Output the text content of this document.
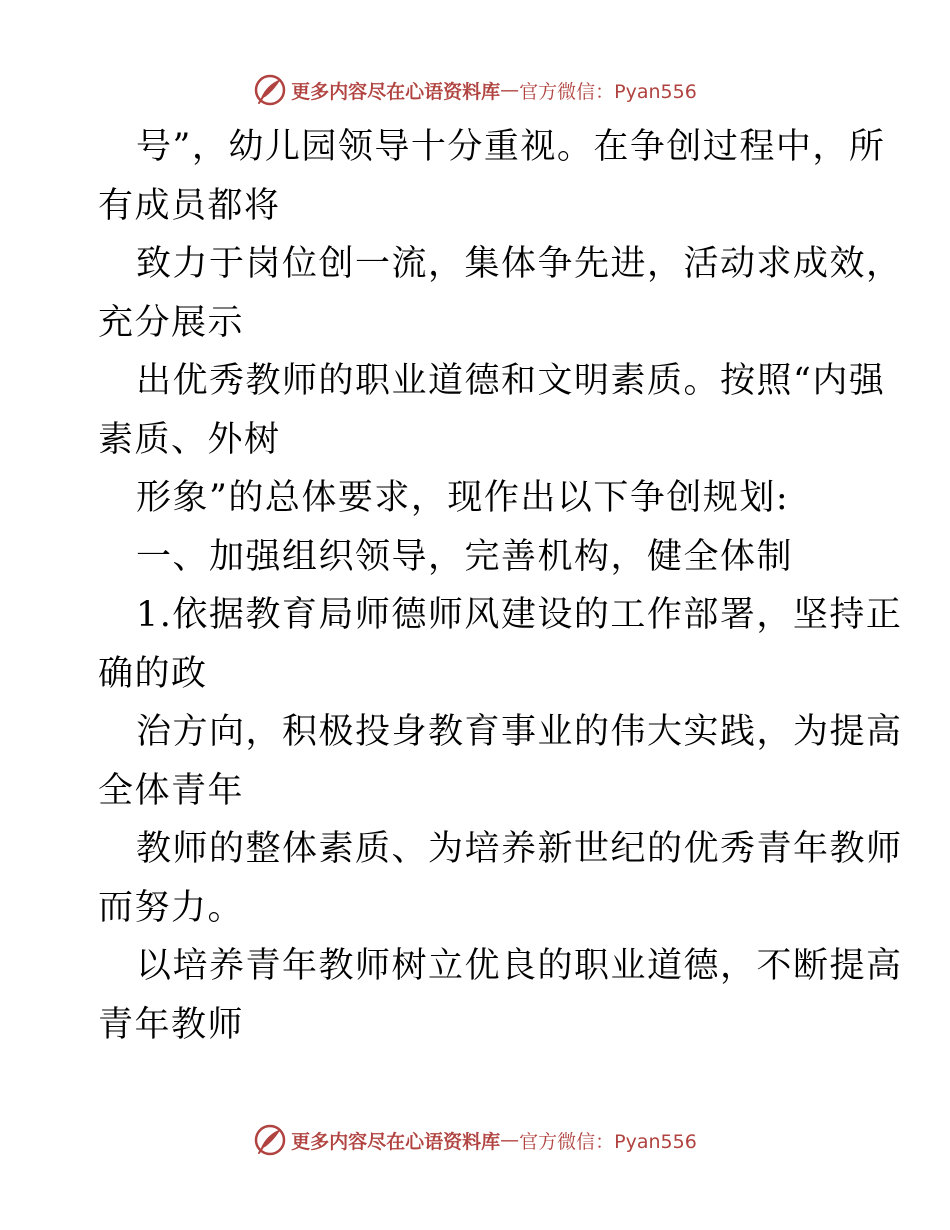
更多内容尽在心语资料库 — 官方微信：Pyan556
号”，幼儿园领导十分重视。在争创过程中，所
有成员都将
致力于岗位创一流，集体争先进，活动求成效，
充分展示
出优秀教师的职业道德和文明素质。按照“内强
素质、外树
形象”的总体要求，现作出以下争创规划:
一、加强组织领导，完善机构，健全体制
1.依据教育局师德师风建设的工作部署，坚持正
确的政
治方向，积极投身教育事业的伟大实践，为提高
全体青年
教师的整体素质、为培养新世纪的优秀青年教师
而努力。
以培养青年教师树立优良的职业道德，不断提高
青年教师
更多内容尽在心语资料库 — 官方微信：Pyan556
